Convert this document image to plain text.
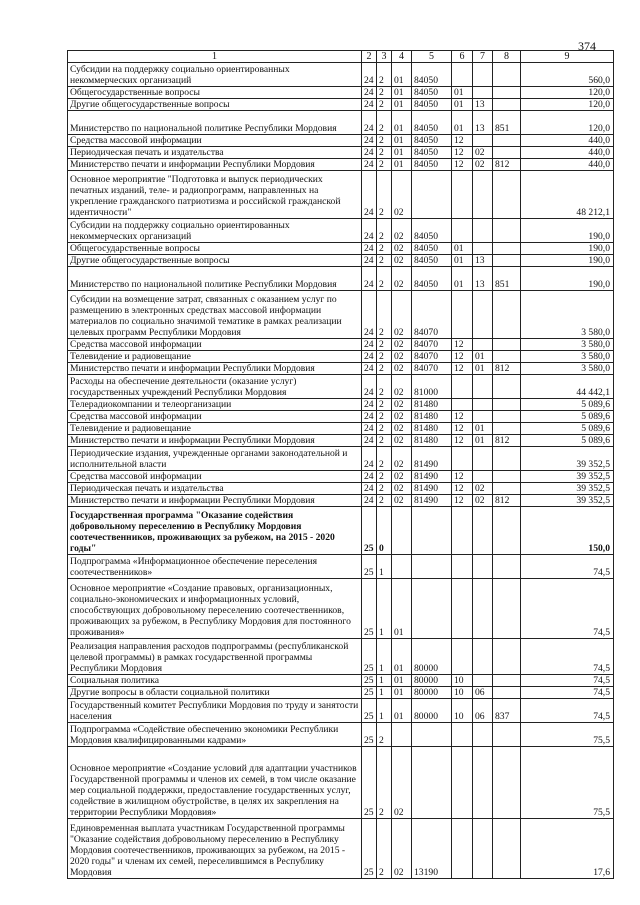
374
1	2	3	4	5	6	7	8	9
Субсидии на поддержку социально ориентированных некоммерческих организаций	24	2	01	84050				560,0
Общегосударственные вопросы	24	2	01	84050	01			120,0
Другие общегосударственные вопросы	24	2	01	84050	01	13		120,0
Министерство по национальной политике Республики Мордовия	24	2	01	84050	01	13	851	120,0
Средства массовой информации	24	2	01	84050	12			440,0
Периодическая печать и издательства	24	2	01	84050	12	02		440,0
Министерство печати и информации Республики Мордовия	24	2	01	84050	12	02	812	440,0
Основное мероприятие "Подготовка и выпуск периодических печатных изданий, теле- и радиопрограмм, направленных на укрепление гражданского патриотизма и российской гражданской идентичности"	24	2	02					48 212,1
Субсидии на поддержку социально ориентированных некоммерческих организаций	24	2	02	84050				190,0
Общегосударственные вопросы	24	2	02	84050	01			190,0
Другие общегосударственные вопросы	24	2	02	84050	01	13		190,0
Министерство по национальной политике Республики Мордовия	24	2	02	84050	01	13	851	190,0
Субсидии на возмещение затрат, связанных с оказанием услуг по размещению в электронных средствах массовой информации материалов по социально значимой тематике в рамках реализации целевых программ Республики Мордовия	24	2	02	84070				3 580,0
Средства массовой информации	24	2	02	84070	12			3 580,0
Телевидение и радиовещание	24	2	02	84070	12	01		3 580,0
Министерство печати и информации Республики Мордовия	24	2	02	84070	12	01	812	3 580,0
Расходы на обеспечение деятельности (оказание услуг) государственных учреждений Республики Мордовия	24	2	02	81000				44 442,1
Телерадиокомпании и телеорганизации	24	2	02	81480				5 089,6
Средства массовой информации	24	2	02	81480	12			5 089,6
Телевидение и радиовещание	24	2	02	81480	12	01		5 089,6
Министерство печати и информации Республики Мордовия	24	2	02	81480	12	01	812	5 089,6
Периодические издания, учрежденные органами законодательной и исполнительной власти	24	2	02	81490				39 352,5
Средства массовой информации	24	2	02	81490	12			39 352,5
Периодическая печать и издательства	24	2	02	81490	12	02		39 352,5
Министерство печати и информации Республики Мордовия	24	2	02	81490	12	02	812	39 352,5
Государственная программа "Оказание содействия добровольному переселению в Республику Мордовия соотечественников, проживающих за рубежом, на 2015 - 2020 годы"	25	0						150,0
Подпрограмма «Информационное обеспечение переселения соотечественников»	25	1						74,5
Основное мероприятие «Создание правовых, организационных, социально-экономических и информационных условий, способствующих добровольному переселению соотечественников, проживающих за рубежом, в Республику Мордовия для постоянного проживания»	25	1	01					74,5
Реализация направления расходов подпрограммы (республиканской целевой программы) в рамках государственной программы Республики Мордовия	25	1	01	80000				74,5
Социальная политика	25	1	01	80000	10			74,5
Другие вопросы в области социальной политики	25	1	01	80000	10	06		74,5
Государственный комитет Республики Мордовия по труду и занятости населения	25	1	01	80000	10	06	837	74,5
Подпрограмма «Содействие обеспечению экономики Республики Мордовия квалифицированными кадрами»	25	2						75,5
Основное мероприятие «Создание условий для адаптации участников Государственной программы и членов их семей, в том числе оказание мер социальной поддержки, предоставление государственных услуг, содействие в жилищном обустройстве, в целях их закрепления на территории Республики Мордовия»	25	2	02					75,5
Единовременная выплата участникам Государственной программы "Оказание содействия добровольному переселению в Республику Мордовия соотечественников, проживающих за рубежом, на 2015 - 2020 годы" и членам их семей, переселившимся в Республику Мордовия	25	2	02	13190				17,6
